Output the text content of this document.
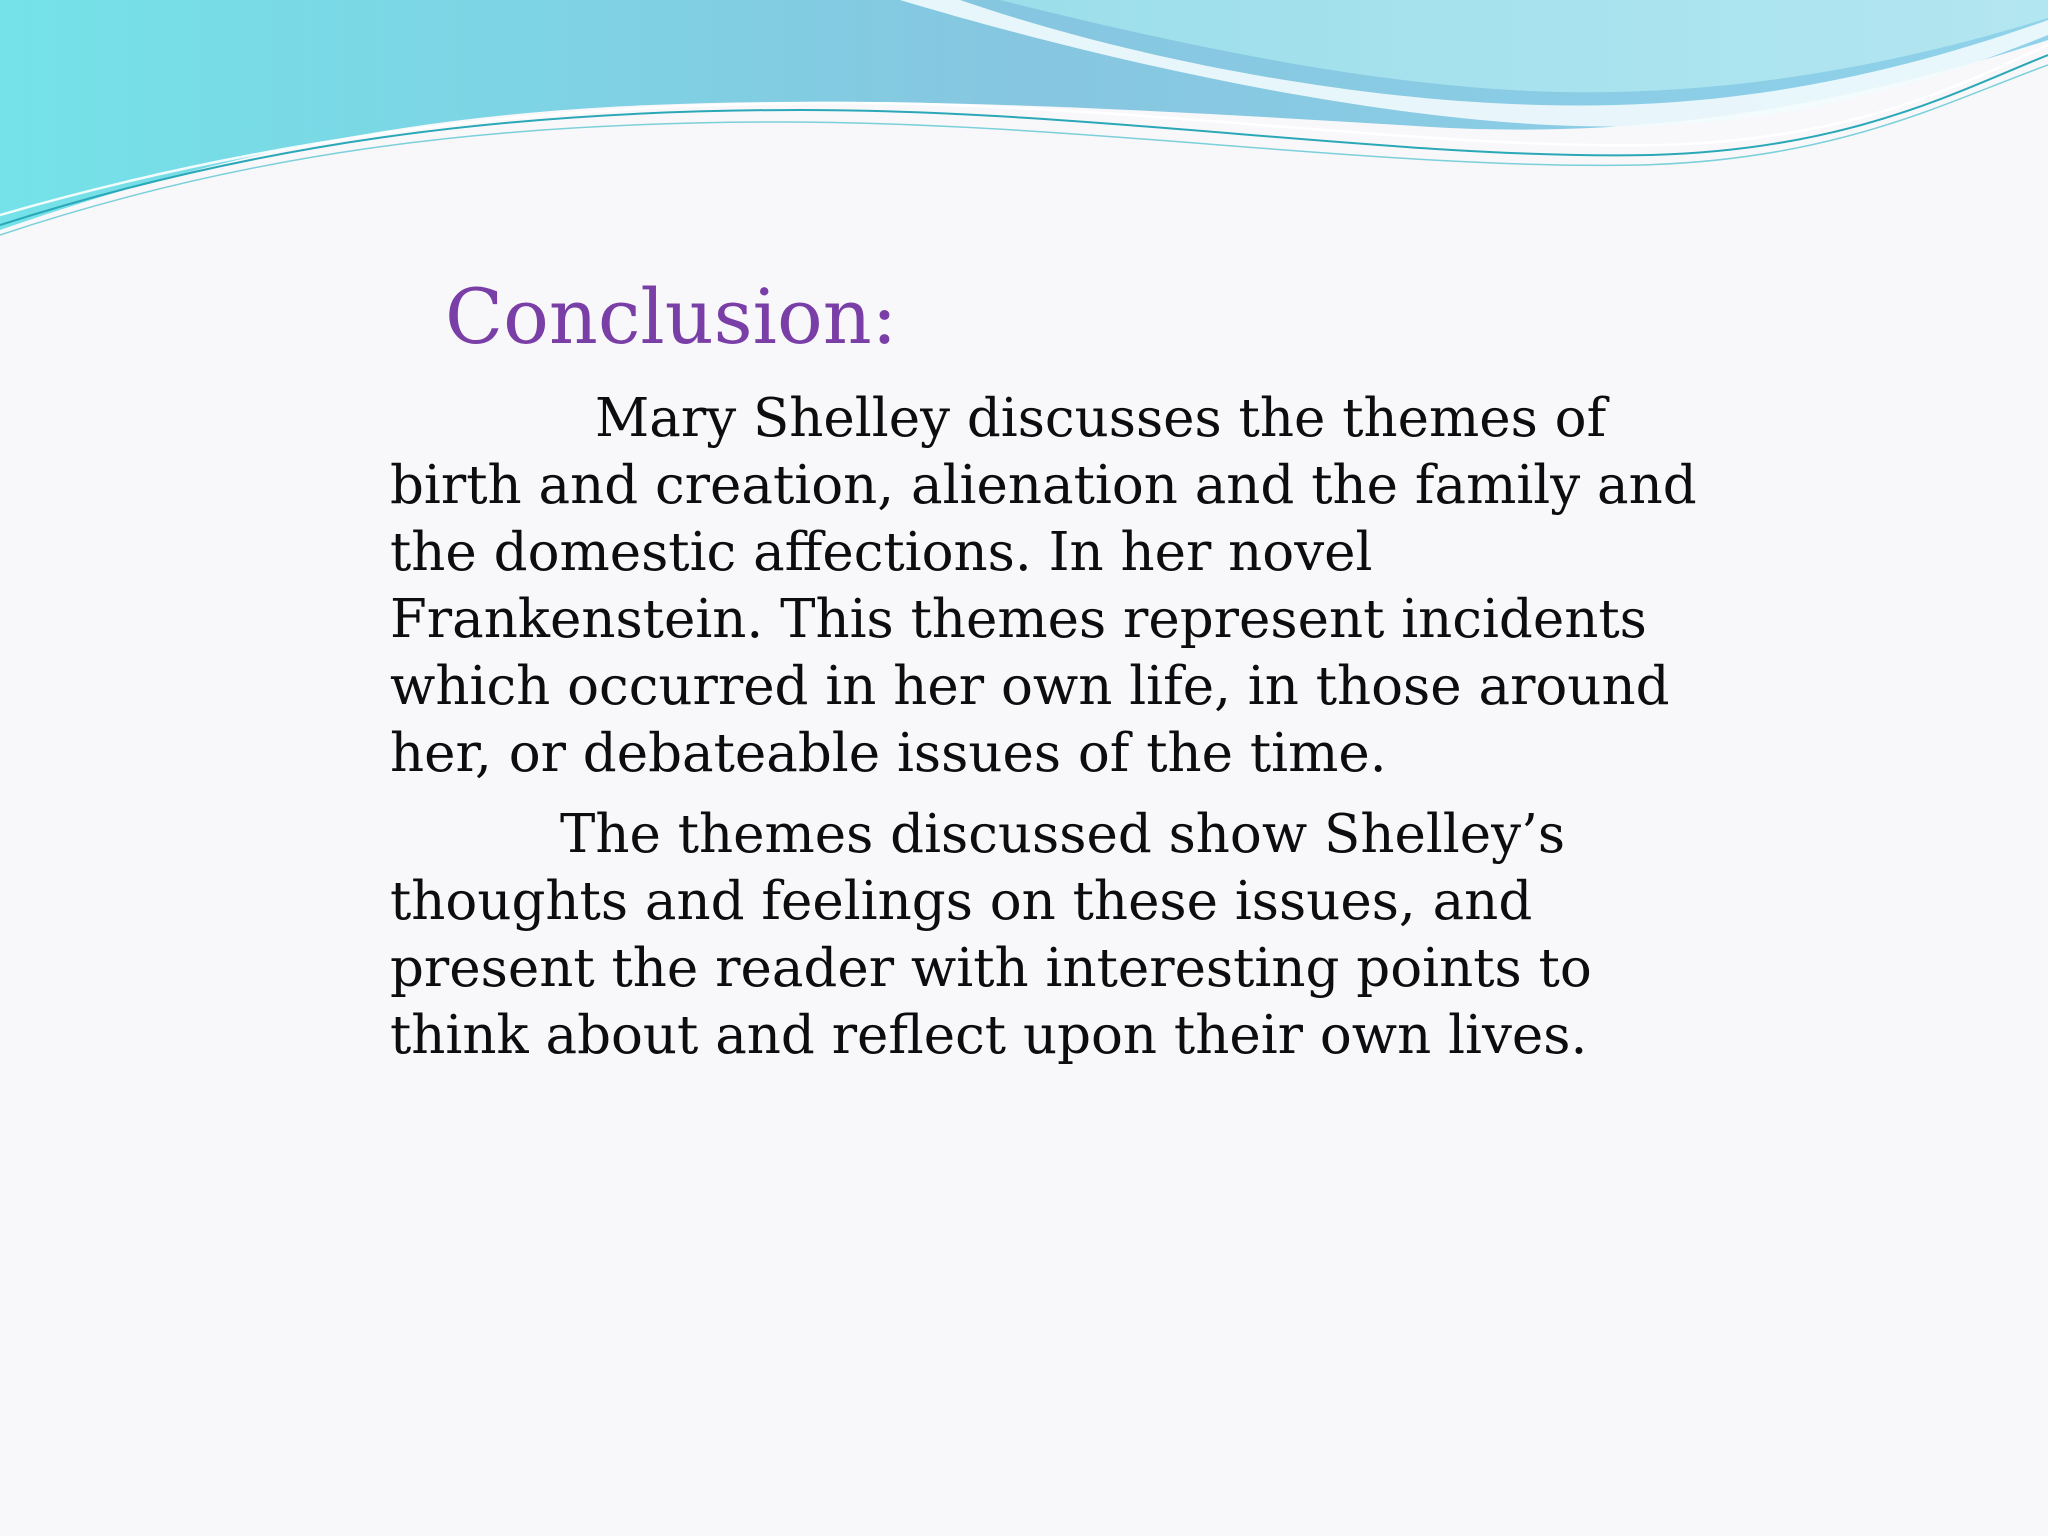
Conclusion:

Mary Shelley discusses the themes of birth and creation, alienation and the family and the domestic affections. In her novel Frankenstein. This themes represent incidents which occurred in her own life, in those around her, or debateable issues of the time.

The themes discussed show Shelley’s thoughts and feelings on these issues, and present the reader with interesting points to think about and reflect upon their own lives.
